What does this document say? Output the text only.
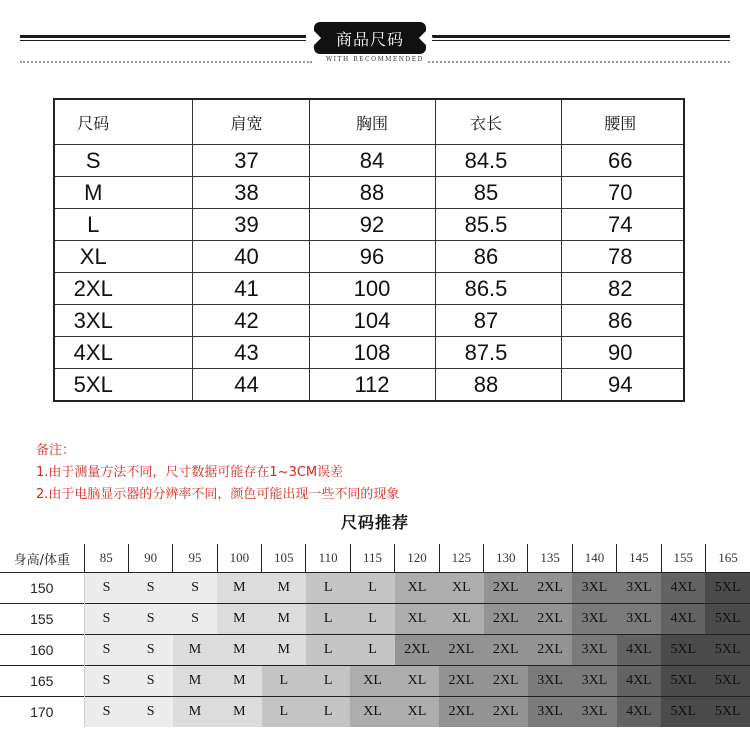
商品尺码
WITH RECOMMENDED
尺码	肩宽	胸围	衣长	腰围
S	37	84	84.5	66
M	38	88	85	70
L	39	92	85.5	74
XL	40	96	86	78
2XL	41	100	86.5	82
3XL	42	104	87	86
4XL	43	108	87.5	90
5XL	44	112	88	94
备注：
1.由于测量方法不同，尺寸数据可能存在1~3CM误差
2.由于电脑显示器的分辨率不同，颜色可能出现一些不同的现象
尺码推荐
身高/体重	85	90	95	100	105	110	115	120	125	130	135	140	145	155	165
150	S	S	S	M	M	L	L	XL	XL	2XL	2XL	3XL	3XL	4XL	5XL
155	S	S	S	M	M	L	L	XL	XL	2XL	2XL	3XL	3XL	4XL	5XL
160	S	S	M	M	M	L	L	2XL	2XL	2XL	2XL	3XL	4XL	5XL	5XL
165	S	S	M	M	L	L	XL	XL	2XL	2XL	3XL	3XL	4XL	5XL	5XL
170	S	S	M	M	L	L	XL	XL	2XL	2XL	3XL	3XL	4XL	5XL	5XL
